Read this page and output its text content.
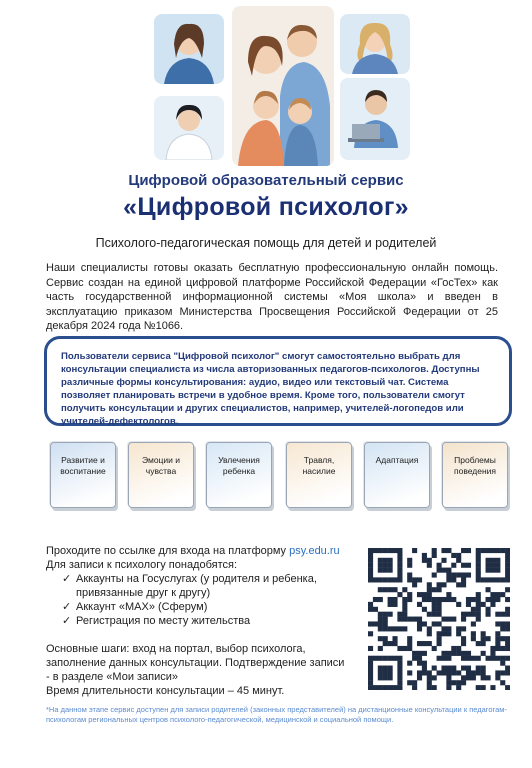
Цифровой образовательный сервис
«Цифровой психолог»
Психолого-педагогическая помощь для детей и родителей
Наши специалисты готовы оказать бесплатную профессиональную онлайн помощь. Сервис создан на единой цифровой платформе Российской Федерации «ГосТех» как часть государственной информационной системы «Моя школа» и введен в эксплуатацию приказом Министерства Просвещения Российской Федерации от 25 декабря 2024 года №1066.
Пользователи сервиса "Цифровой психолог" смогут самостоятельно выбрать для консультации специалиста из числа авторизованных педагогов-психологов. Доступны различные формы консультирования: аудио, видео или текстовый чат. Система позволяет планировать встречи в удобное время. Кроме того, пользователи смогут получить консультации и других специалистов, например, учителей-логопедов или учителей-дефектологов.
Развитие и воспитание
Эмоции и чувства
Увлечения ребенка
Травля, насилие
Адаптация	Проблемы поведения
Проходите по ссылке для входа на платформу psy.edu.ru
Для записи к психологу понадобятся:
✓ Аккаунты на Госуслугах (у родителя и ребенка, привязанные друг к другу)
✓ Аккаунт «MAX» (Сферум)
✓ Регистрация по месту жительства
Основные шаги: вход на портал, выбор психолога, заполнение данных консультации. Подтверждение записи - в разделе «Мои записи»
Время длительности консультации – 45 минут.
*На данном этапе сервис доступен для записи родителей (законных представителей) на дистанционные консультации к педагогам-психологам региональных центров психолого-педагогической, медицинской и социальной помощи.
